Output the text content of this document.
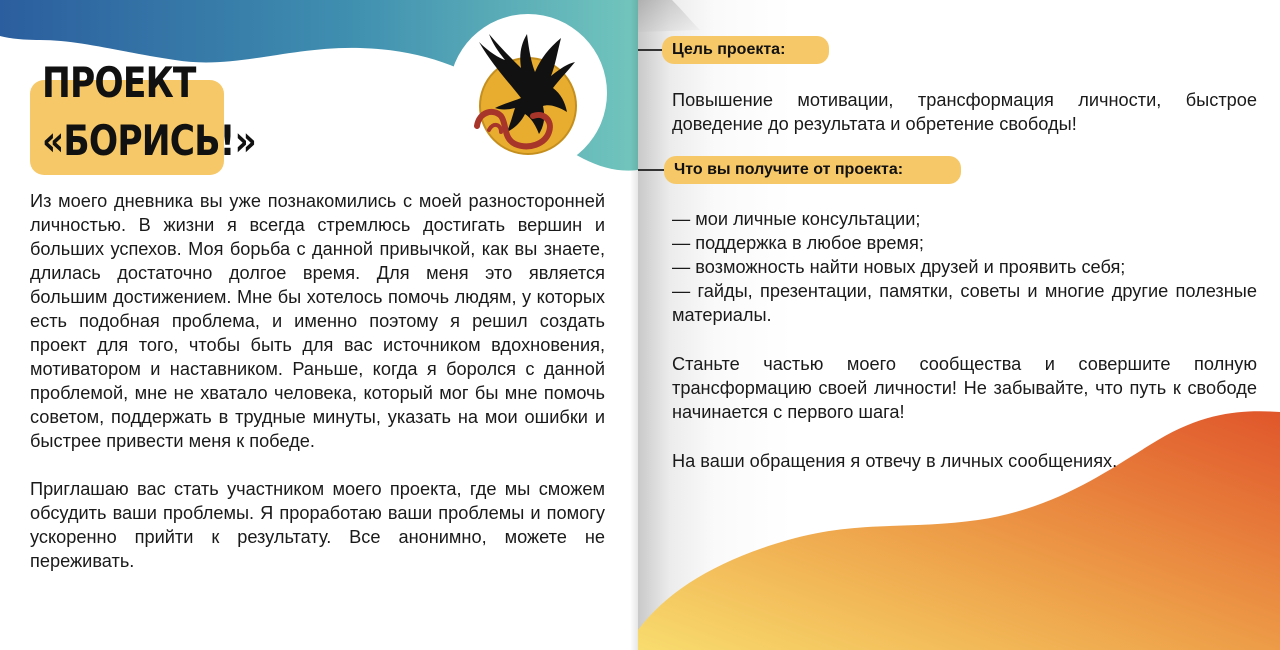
ПРОЕКТ
«БОРИСЬ!»

Из моего дневника вы уже познакомились с моей разносторонней личностью. В жизни я всегда стремлюсь достигать вершин и больших успехов. Моя борьба с данной привычкой, как вы знаете, длилась достаточно долгое время. Для меня это является большим достижением. Мне бы хотелось помочь людям, у которых есть подобная проблема, и именно поэтому я решил создать проект для того, чтобы быть для вас источником вдохновения, мотиватором и наставником. Раньше, когда я боролся с данной проблемой, мне не хватало человека, который мог бы мне помочь советом, поддержать в трудные минуты, указать на мои ошибки и быстрее привести меня к победе.

Приглашаю вас стать участником моего проекта, где мы сможем обсудить ваши проблемы. Я проработаю ваши проблемы и помогу ускоренно прийти к результату. Все анонимно, можете не переживать.

Цель проекта:

Повышение мотивации, трансформация личности, быстрое доведение до результата и обретение свободы!

Что вы получите от проекта:
— мои личные консультации;
— поддержка в любое время;
— возможность найти новых друзей и проявить себя;
— гайды, презентации, памятки, советы и многие другие полезные материалы.

Станьте частью моего сообщества и совершите полную трансформацию своей личности! Не забывайте, что путь к свободе начинается с первого шага!

На ваши обращения я отвечу в личных сообщениях.
